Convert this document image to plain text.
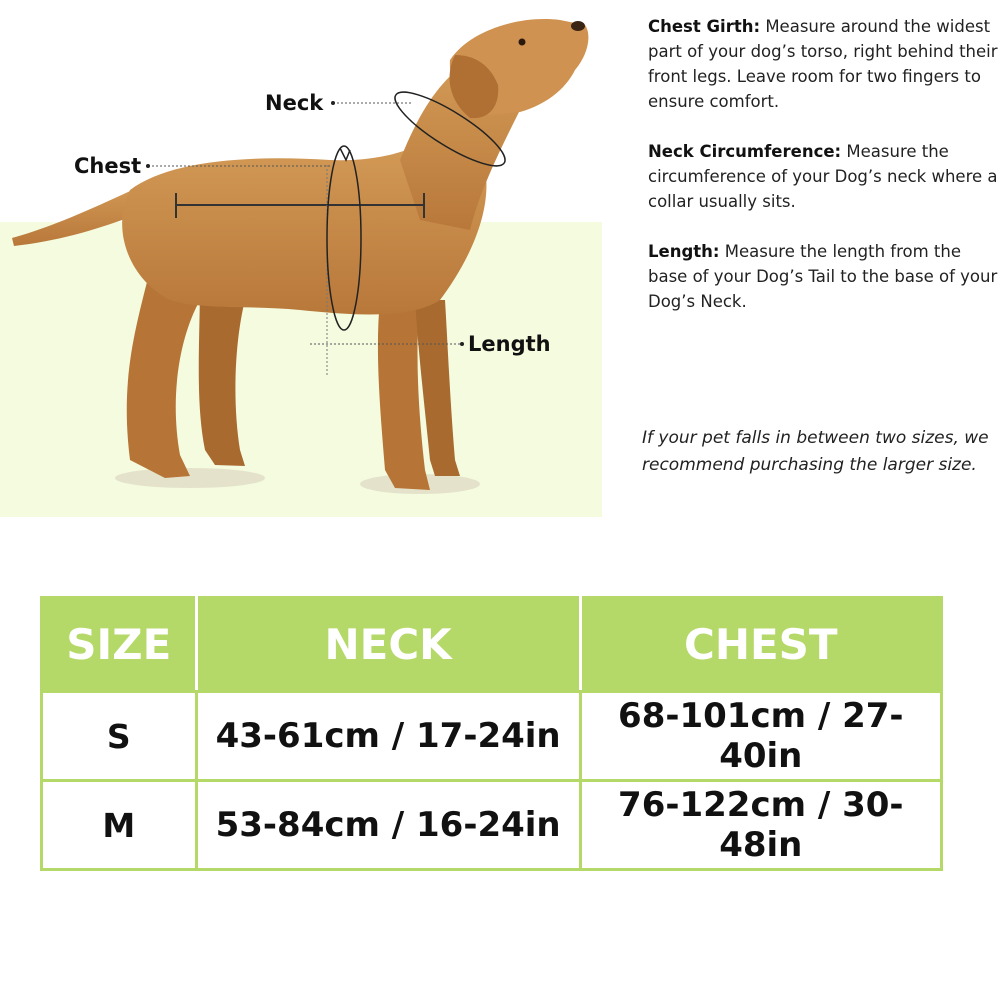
Neck
Chest
Length

Chest Girth: Measure around the widest part of your dog’s torso, right behind their front legs. Leave room for two fingers to ensure comfort.

Neck Circumference: Measure the circumference of your Dog’s neck where a collar usually sits.

Length: Measure the length from the base of your Dog’s Tail to the base of your Dog’s Neck.

If your pet falls in between two sizes, we recommend purchasing the larger size.
SIZE	NECK	CHEST
S	43-61cm / 17-24in	68-101cm / 27-40in
M	53-84cm / 16-24in	76-122cm / 30-48in
